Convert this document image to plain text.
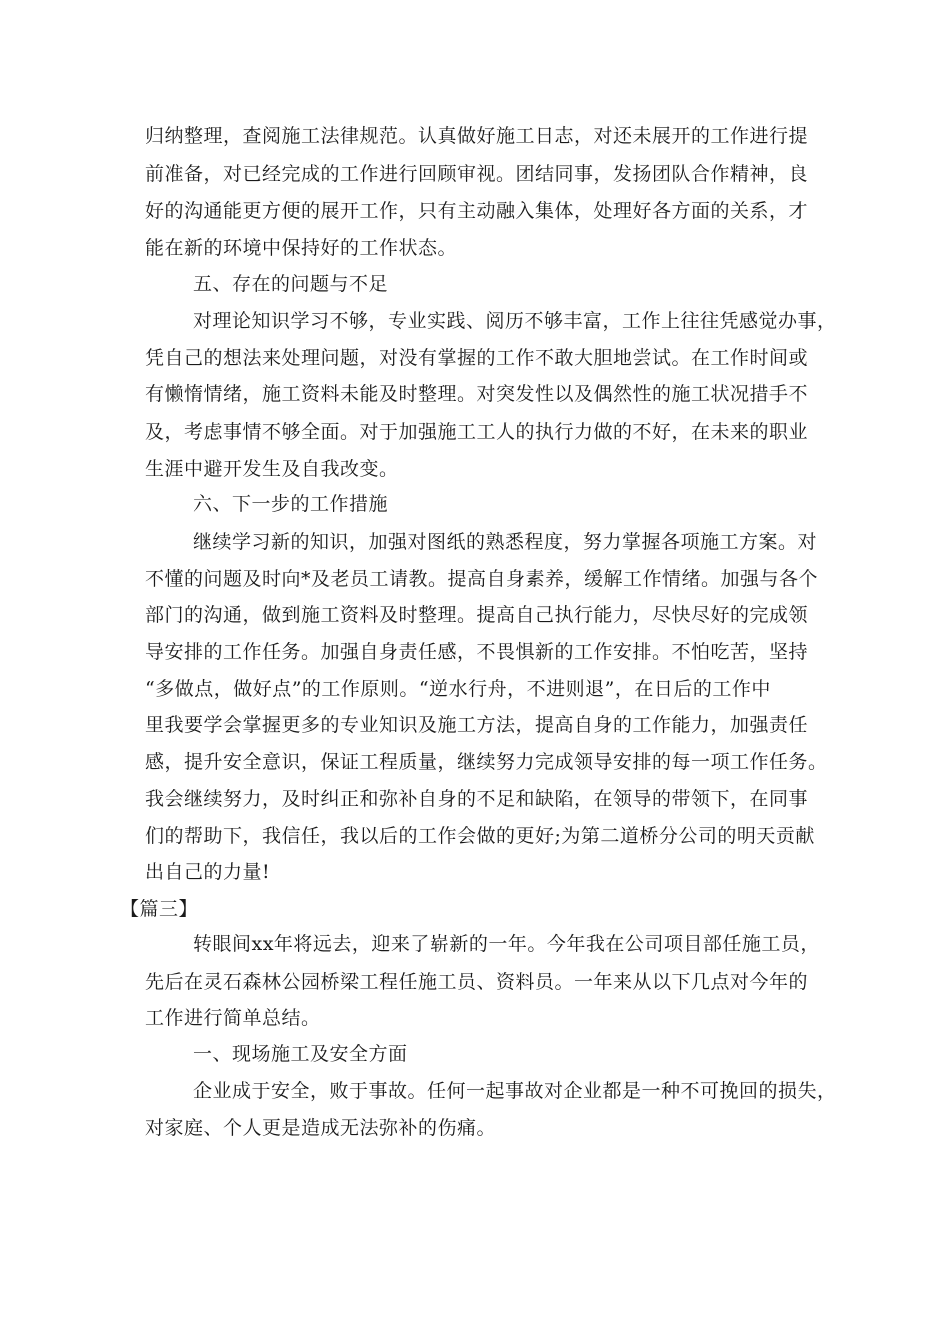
归纳整理，查阅施工法律规范。认真做好施工日志，对还未展开的工作进行提
前准备，对已经完成的工作进行回顾审视。团结同事，发扬团队合作精神，良
好的沟通能更方便的展开工作，只有主动融入集体，处理好各方面的关系，才
能在新的环境中保持好的工作状态。
五、存在的问题与不足
对理论知识学习不够，专业实践、阅历不够丰富，工作上往往凭感觉办事，
凭自己的想法来处理问题，对没有掌握的工作不敢大胆地尝试。在工作时间或
有懒惰情绪，施工资料未能及时整理。对突发性以及偶然性的施工状况措手不
及，考虑事情不够全面。对于加强施工工人的执行力做的不好，在未来的职业
生涯中避开发生及自我改变。
六、下一步的工作措施
继续学习新的知识，加强对图纸的熟悉程度，努力掌握各项施工方案。对
不懂的问题及时向*及老员工请教。提高自身素养，缓解工作情绪。加强与各个
部门的沟通，做到施工资料及时整理。提高自己执行能力，尽快尽好的完成领
导安排的工作任务。加强自身责任感，不畏惧新的工作安排。不怕吃苦，坚持
“多做点，做好点”的工作原则。“逆水行舟，不进则退”，在日后的工作中
里我要学会掌握更多的专业知识及施工方法，提高自身的工作能力，加强责任
感，提升安全意识，保证工程质量，继续努力完成领导安排的每一项工作任务。
我会继续努力，及时纠正和弥补自身的不足和缺陷，在领导的带领下，在同事
们的帮助下，我信任，我以后的工作会做的更好;为第二道桥分公司的明天贡献
出自己的力量!
【篇三】
转眼间xx年将远去，迎来了崭新的一年。今年我在公司项目部任施工员，
先后在灵石森林公园桥梁工程任施工员、资料员。一年来从以下几点对今年的
工作进行简单总结。
一、现场施工及安全方面
企业成于安全，败于事故。任何一起事故对企业都是一种不可挽回的损失，
对家庭、个人更是造成无法弥补的伤痛。
